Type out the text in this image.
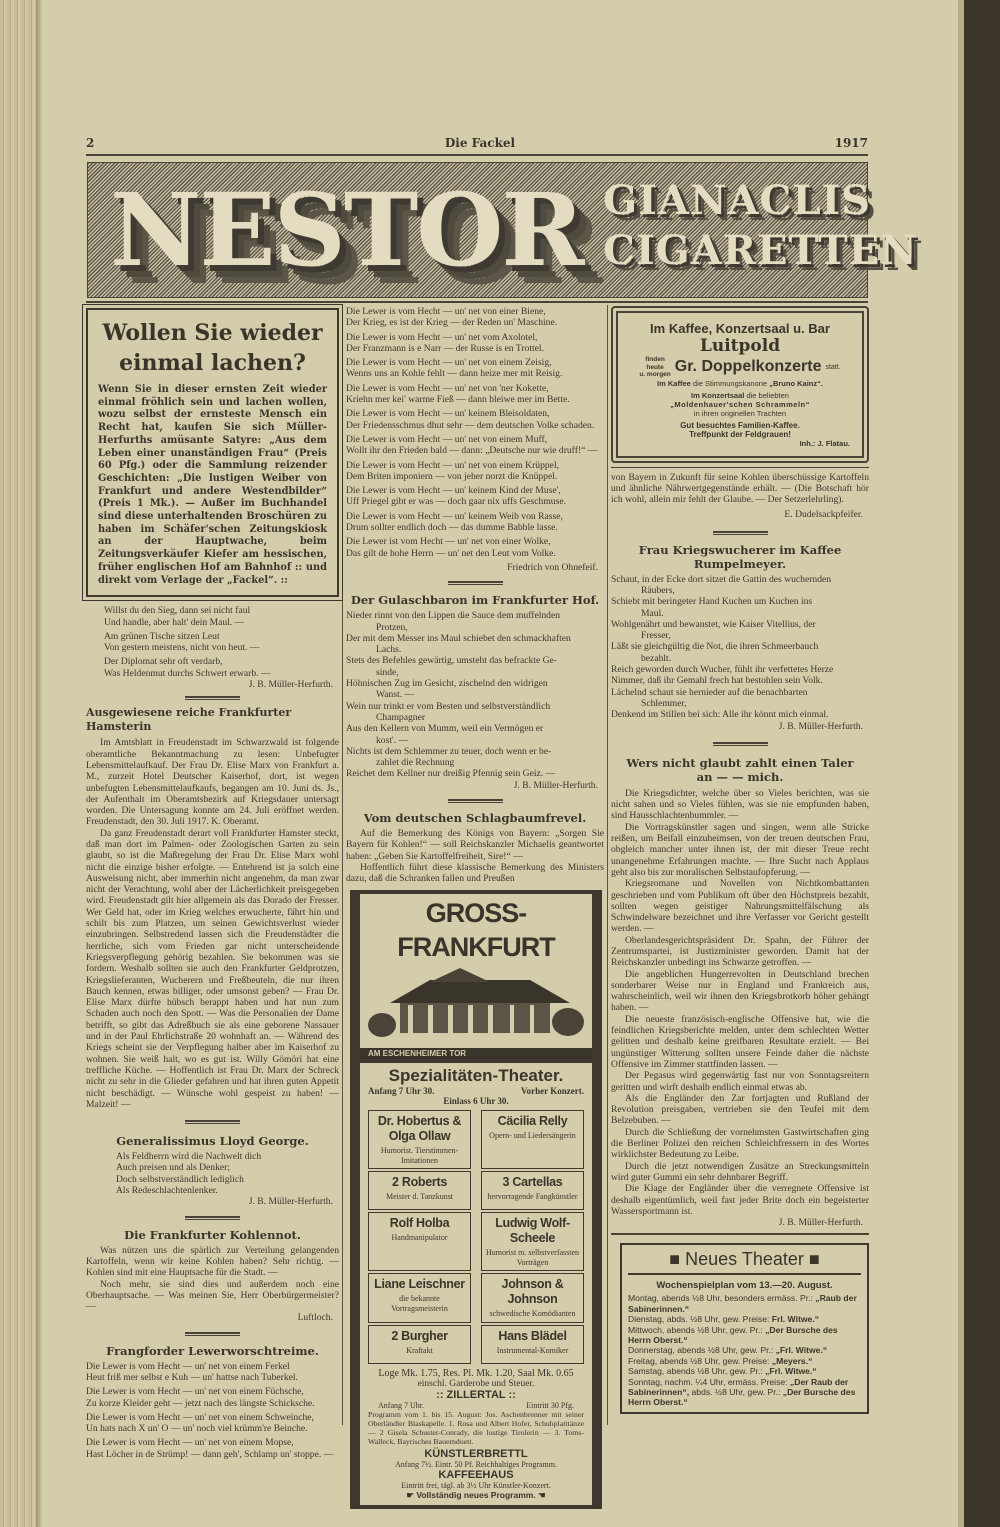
2	Die Fackel	1917
NESTOR GIANACLIS
CIGARETTEN
Wollen Sie wieder
einmal lachen?
Wenn Sie in dieser ernsten Zeit wieder einmal fröhlich sein und lachen wollen, wozu selbst der ernsteste Mensch ein Recht hat, kaufen Sie sich Müller-Herfurths amüsante Satyre: „Aus dem Leben einer unanständigen Frau“ (Preis 60 Pfg.) oder die Sammlung reizender Geschichten: „Die lustigen Weiber von Frankfurt und andere Westendbilder“ (Preis 1 Mk.). — Außer im Buchhandel sind diese unterhaltenden Broschüren zu haben im Schäfer'schen Zeitungskiosk an der Hauptwache, beim Zeitungsverkäufer Kiefer am hessischen, früher englischen Hof am Bahnhof :: und direkt vom Verlage der „Fackel“. ::
Willst du den Sieg, dann sei nicht faul
Und handle, aber halt' dein Maul. —
Am grünen Tische sitzen Leut
Von gestern meistens, nicht von heut. —
Der Diplomat sehr oft verdarb,
Was Heldenmut durchs Schwert erwarb. —
J. B. Müller-Herfurth.
Ausgewiesene reiche Frankfurter Hamsterin

Im Amtsblatt in Freudenstadt im Schwarzwald ist folgende oberamtliche Bekanntmachung zu lesen: Unbefugter Lebensmittelaufkauf. Der Frau Dr. Elise Marx von Frankfurt a. M., zurzeit Hotel Deutscher Kaiserhof, dort, ist wegen unbefugten Lebensmittelaufkaufs, begangen am 10. Juni ds. Js., der Aufenthalt im Oberamtsbezirk auf Kriegsdauer untersagt worden. Die Untersagung konnte am 24. Juli eröffnet werden. Freudenstadt, den 30. Juli 1917. K. Oberamt.

Da ganz Freudenstadt derart voll Frankfurter Hamster steckt, daß man dort im Palmen- oder Zoologischen Garten zu sein glaubt, so ist die Maßregelung der Frau Dr. Elise Marx wohl nicht die einzige bisher erfolgte. — Entehrend ist ja solch eine Ausweisung nicht, aber immerhin nicht angenehm, da man zwar nicht der Verachtung, wohl aber der Lächerlichkeit preisgegeben wird. Freudenstadt gilt hier allgemein als das Dorado der Fresser. Wer Geld hat, oder im Krieg welches erwucherte, fährt hin und schilt bis zum Platzen, um seinen Gewichtsverlust wieder einzubringen. Selbstredend lassen sich die Freudenstädter die herrliche, sich vom Frieden gar nicht unterscheidende Kriegsverpflegung gehörig bezahlen. Sie bekommen was sie fordern. Weshalb sollten sie auch den Frankfurter Geldprotzen, Kriegslieferanten, Wucherern und Freßbeuteln, die nur ihren Bauch kennen, etwas billiger, oder umsonst geben? — Frau Dr. Elise Marx dürfte hübsch berappt haben und hat nun zum Schaden auch noch den Spott. — Was die Personalien der Dame betrifft, so gibt das Adreßbuch sie als eine geborene Nassauer und in der Paul Ehrlichstraße 20 wohnhaft an. — Während des Kriegs scheint sie der Verpflegung halber aber im Kaiserhof zu wohnen. Sie weiß halt, wo es gut ist. Willy Gömöri hat eine treffliche Küche. — Hoffentlich ist Frau Dr. Marx der Schreck nicht zu sehr in die Glieder gefahren und hat ihren guten Appetit nicht beschädigt. — Wünsche wohl gespeist zu haben! — Malzeit! —

Generalissimus Lloyd George.
Als Feldherrn wird die Nachwelt dich
Auch preisen und als Denker;
Doch selbstverständlich lediglich
Als Redeschlachtenlenker.
J. B. Müller-Herfurth.
Die Frankfurter Kohlennot.

Was nützen uns die spärlich zur Verteilung gelangenden Kartoffeln, wenn wir keine Kohlen haben? Sehr richtig. — Kohlen sind mit eine Hauptsache für die Stadt. —

Noch mehr, sie sind dies und außerdem noch eine Oberhauptsache. — Was meinen Sie, Herr Oberbürgermeister? —

Luftloch.
Frangforder Lewerworschtreime.
Die Lewer is vom Hecht — un' net von einem Ferkel
Heut friß mer selbst e Kuh — un' hattse nach Tuberkel.
Die Lewer is vom Hecht — un' net von einem Füchsche,
Zu korze Kleider geht — jetzt nach des längste Schicksche.
Die Lewer is vom Hecht — un' net von einem Schweinche,
Un hats nach X un' O — un' noch viel krümm're Beinche.
Die Lewer is vom Hecht — un' net von einem Mopse,
Hast Löcher in de Strümp! — dann geh', Schlamp un' stoppe. —
Die Lewer is vom Hecht — un' net von einer Biene,
Der Krieg, es ist der Krieg — der Reden un' Maschine.
Die Lewer is vom Hecht — un' net vom Axolotel,
Der Franzmann is e Narr — der Russe is en Trottel.
Die Lewer is vom Hecht — un' net von einem Zeisig,
Wenns uns an Kohle fehlt — dann heize mer mit Reisig.
Die Lewer is vom Hecht — un' net von 'ner Kokette,
Kriehn mer kei' warme Fieß — dann bleiwe mer im Bette.
Die Lewer is vom Hecht — un' keinem Bleisoldaten,
Der Friedensschmus dhut sehr — dem deutschen Volke schaden.
Die Lewer is vom Hecht — un' net von einem Muff,
Wollt ihr den Frieden bald — dann: „Deutsche nur wie druff!“ —
Die Lewer is vom Hecht — un' net von einem Krüppel,
Dem Briten imponiern — von jeher norzt die Knüppel.
Die Lewer is vom Hecht — un' keinem Kind der Muse',
Uff Priegel gibt er was — doch gaar nix uffs Geschmuse.
Die Lewer is vom Hecht — un' keinem Weib von Rasse,
Drum sollter endlich doch — das dumme Babble lasse.
Die Lewer ist vom Hecht — un' net von einer Wolke,
Das gilt de hohe Herrn — un' net den Leut vom Volke.
Friedrich von Ohnefeif.
Der Gulaschbaron im Frankfurter Hof.
Nieder rinnt von den Lippen die Sauce dem muffelnden
Protzen,
Der mit dem Messer ins Maul schiebet den schmackhaften
Lachs.
Stets des Befehles gewärtig, umsteht das befrackte Ge-
sinde,
Höhnischen Zug im Gesicht, zischelnd den widrigen
Wanst. —
Wein nur trinkt er vom Besten und selbstverständlich
Champagner
Aus den Kellern von Mumm, weil ein Vermögen er
kost'. —
Nichts ist dem Schlemmer zu teuer, doch wenn er be-
zahlet die Rechnung
Reichet dem Kellner nur dreißig Pfennig sein Geiz. —
J. B. Müller-Herfurth.
Vom deutschen Schlagbaumfrevel.

Auf die Bemerkung des Königs von Bayern: „Sorgen Sie Bayern für Kohlen!“ — soll Reichskanzler Michaelis geantwortet haben: „Geben Sie Kartoffelfreiheit, Sire!“ —

Hoffentlich führt diese klassische Bemerkung des Ministers dazu, daß die Schranken fallen und Preußen

GROSS-FRANKFURT
AM ESCHENHEIMER TOR
Spezialitäten-Theater.
Anfang 7 Uhr 30.	Vorher Konzert.
Einlass 6 Uhr 30.
Dr. Hobertus & Olga Ollaw
Humorist. Tierstimmen-Imitationen
Cäcilia Relly
Opern- und Liedersängerin
2 Roberts
Meister d. Tanzkunst
3 Cartellas
hervorragende Fangkünstler
Rolf Holba
Handmanipulator
Ludwig Wolf-Scheele
Humorist m. selbstverfassten Vorträgen
Liane Leischner
die bekannte Vortragsmeisterin
Johnson & Johnson
schwedische Komödianten
2 Burgher
Kraftakt
Hans Blädel
Instrumental-Komiker
Loge Mk. 1.75, Res. Pl. Mk. 1.20, Saal Mk. 0.65
einschl. Garderobe und Steuer.
:: ZILLERTAL ::
Anfang 7 Uhr.	Eintritt 30 Pfg.
Programm vom 1. bis 15. August: Jos. Aschenbrenner mit seiner Oberländler Blaskapelle. 1. Rosa und Albert Hofer, Schuhplatttänze — 2 Gisela Schuster-Conrady, die lustige Tirolerin — 3. Toms-Walleck, Bayrisches Bauernduett.
KÜNSTLERBRETTL
Anfang 7½. Eintr. 50 Pf. Reichhaltiges Programm.
KAFFEEHAUS
Eintritt frei, tägl. ab 3½ Uhr Künstler-Konzert.
☛ Vollständig neues Programm. ☚
Im Kaffee, Konzertsaal u. Bar
Luitpold
finden
heute
u. morgen Gr. Doppelkonzerte statt.
Im Kaffee die Stimmungskanone „Bruno Kainz“.
Im Konzertsaal die beliebten
„Moldenhauer'schen Schrammeln“
in ihren originellen Trachten
Gut besuchtes Familien-Kaffee.
Treffpunkt der Feldgrauen!
Inh.: J. Flatau.
von Bayern in Zukunft für seine Kohlen überschüssige Kartoffeln und ähnliche Nährwertgegenstände erhält. — (Die Botschaft hör ich wohl, allein mir fehlt der Glaube. — Der Setzerlehrling).
E. Dudelsackpfeifer.
Frau Kriegswucherer im Kaffee
Rumpelmeyer.
Schaut, in der Ecke dort sitzet die Gattin des wuchernden
Räubers,
Schiebt mit beringeter Hand Kuchen um Kuchen ins
Maul.
Wohlgenährt und bewanstet, wie Kaiser Vitellius, der
Fresser,
Läßt sie gleichgültig die Not, die ihren Schmeerbauch
bezahlt.
Reich geworden durch Wucher, fühlt ihr verfettetes Herze
Nimmer, daß ihr Gemahl frech hat bestohlen sein Volk.
Lächelnd schaut sie hernieder auf die benachbarten
Schlemmer,
Denkend im Stillen bei sich: Alle ihr könnt mich einmal.
J. B. Müller-Herfurth.
Wers nicht glaubt zahlt einen Taler
an — — mich.

Die Kriegsdichter, welche über so Vieles berichten, was sie nicht sahen und so Vieles fühlen, was sie nie empfunden haben, sind Hausschlachtenbummler. —

Die Vortragskünstler sagen und singen, wenn alle Stricke reißen, um Beifall einzuheimsen, von der treuen deutschen Frau, obgleich mancher unter ihnen ist, der mit dieser Treue recht unangenehme Erfahrungen machte. — Ihre Sucht nach Applaus geht also bis zur moralischen Selbstaufopferung. —

Kriegsromane und Novellen von Nichtkombattanten geschrieben und vom Publikum oft über den Höchstpreis bezahlt, sollten wegen geistiger Nahrungsmittelfälschung als Schwindelware bezeichnet und ihre Verfasser vor Gericht gestellt werden. —

Oberlandesgerichtspräsident Dr. Spahn, der Führer der Zentrumspartei, ist Justizminister geworden. Damit hat der Reichskanzler unbedingt ins Schwarze getroffen. —

Die angeblichen Hungerrevolten in Deutschland brechen sonderbarer Weise nur in England und Frankreich aus, wahrscheinlich, weil wir ihnen den Kriegsbrotkorb höher gehängt haben. —

Die neueste französisch-englische Offensive hat, wie die feindlichen Kriegsberichte melden, unter dem schlechten Wetter gelitten und deshalb keine greifbaren Resultate erzielt. — Bei ungünstiger Witterung sollten unsere Feinde daher die nächste Offensive im Zimmer stattfinden lassen. —

Der Pegasus wird gegenwärtig fast nur von Sonntagsreitern geritten und wirft deshalb endlich einmal etwas ab.

Als die Engländer den Zar fortjagten und Rußland der Revolution preisgaben, vertrieben sie den Teufel mit dem Belzebuben. —

Durch die Schließung der vornehmsten Gastwirtschaften ging die Berliner Polizei den reichen Schleichfressern in des Wortes wirklichster Bedeutung zu Leibe.

Durch die jetzt notwendigen Zusätze an Streckungsmitteln wird guter Gummi ein sehr dehnbarer Begriff.

Die Klage der Engländer über die verregnete Offensive ist deshalb eigentümlich, weil fast jeder Brite doch ein begeisterter Wassersportmann ist.

J. B. Müller-Herfurth.
■ Neues Theater ■
Wochenspielplan vom 13.—20. August.

Montag, abends ½8 Uhr, besonders ermäss. Pr.: „Raub der Sabinerinnen.“

Dienstag, abds. ½8 Uhr, gew. Preise: Frl. Witwe.“

Mittwoch, abends ½8 Uhr, gew. Pr.: „Der Bursche des Herrn Oberst.“

Donnerstag, abends ½8 Uhr, gew. Pr.: „Frl. Witwe.“

Freitag, abends ½8 Uhr, gew. Preise: „Meyers.“

Samstag, abends ½8 Uhr, gew. Pr.: „Frl. Witwe.“

Sonntag, nachm. ¼4 Uhr, ermäss. Preise: „Der Raub der Sabinerinnen“, abds. ½8 Uhr, gew. Pr.: „Der Bursche des Herrn Oberst.“
